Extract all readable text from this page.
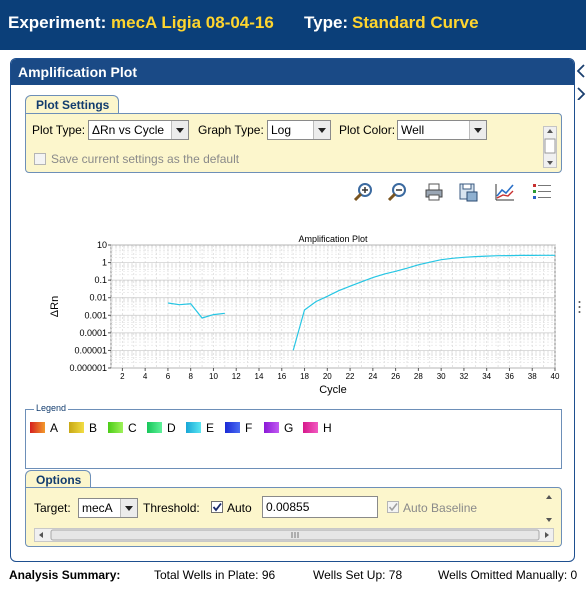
Experiment: mecA Ligia 08-04-16 Type: Standard Curve
Amplification Plot
Plot Settings
Plot Type: ΔRn vs Cycle	Graph Type: Log	Plot Color: Well
Save current settings as the default
2 4 6 8 10 12 14 16 18 20 22 24 26 28 30 32 34 36 38 40
10
1
0.1
0.01
0.001
0.0001
0.00001
0.000001
Amplification Plot
Cycle
ΔRn
Legend
A	B	C	D	E	F	G H
Options
Target: mecA	Threshold: Auto 0.00855	Auto Baseline
Analysis Summary:	Total Wells in Plate: 96	Wells Set Up: 78	Wells Omitted Manually: 0
